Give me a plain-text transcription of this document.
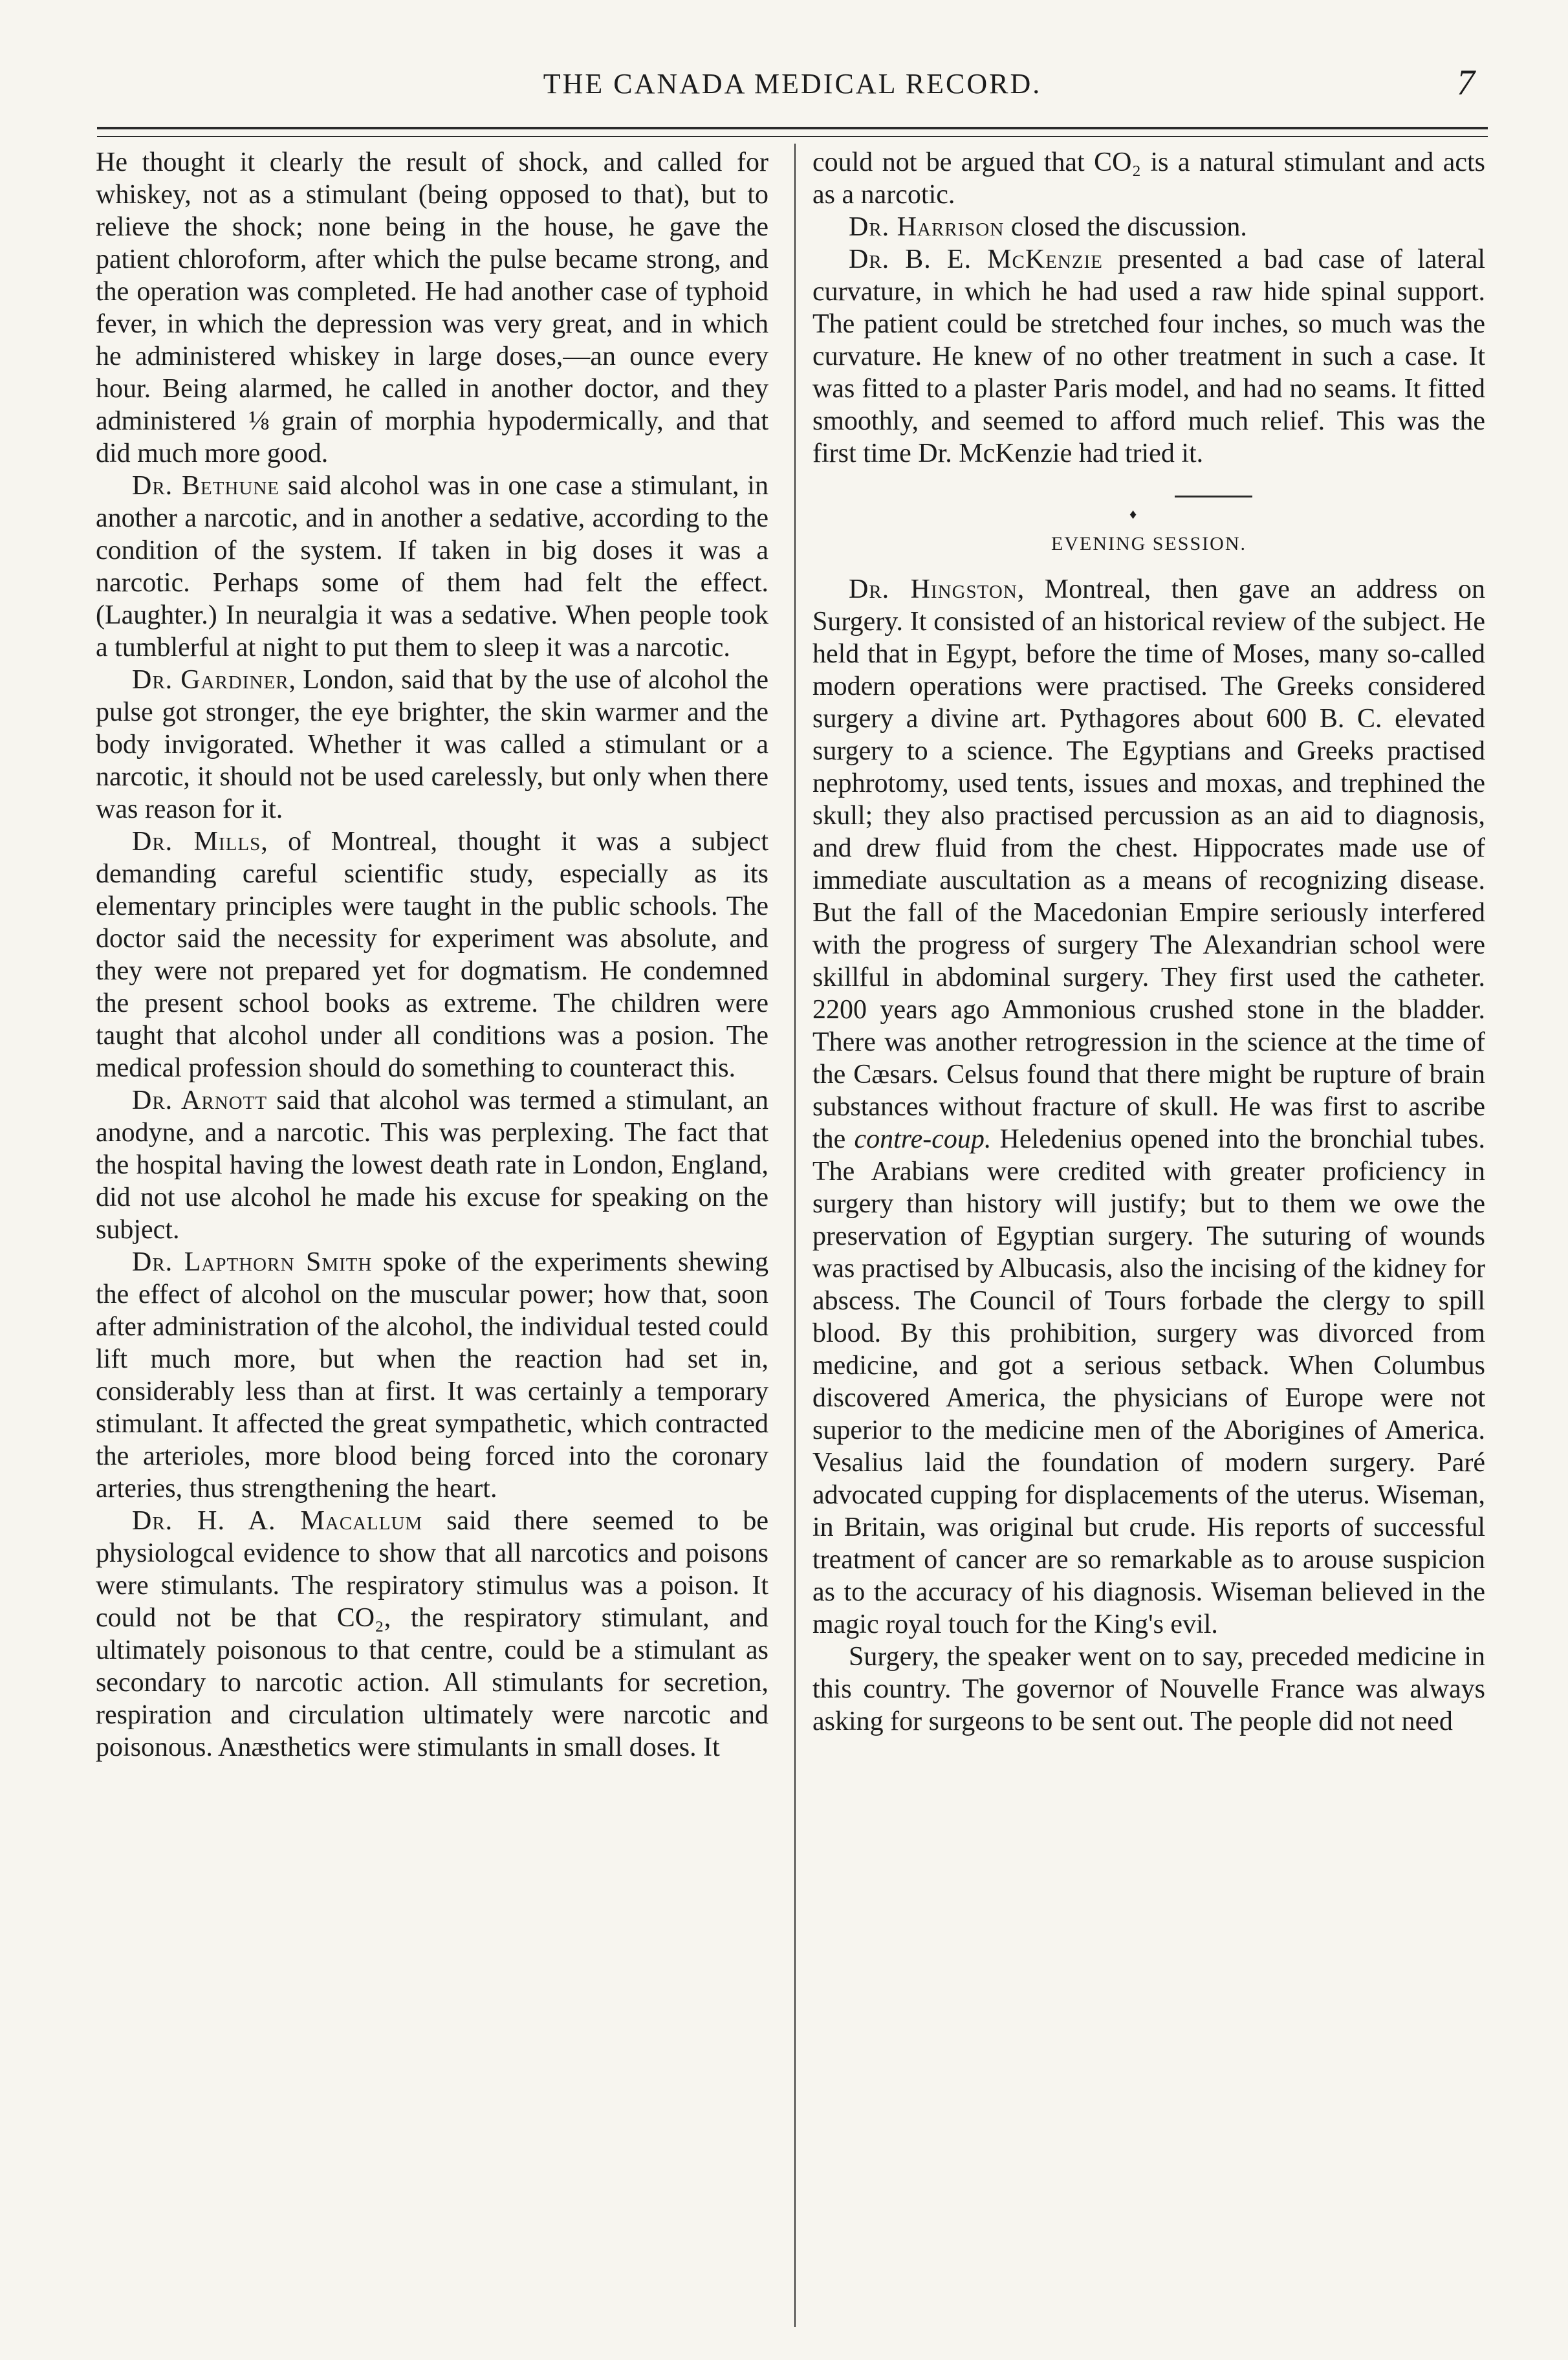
THE CANADA MEDICAL RECORD.	7

He thought it clearly the result of shock, and called for whiskey, not as a stimulant (being opposed to that), but to relieve the shock; none being in the house, he gave the patient chloroform, after which the pulse became strong, and the operation was completed. He had another case of typhoid fever, in which the depression was very great, and in which he administered whiskey in large doses,—an ounce every hour. Being alarmed, he called in another doctor, and they administered ⅛ grain of morphia hypodermically, and that did much more good.

Dr. Bethune said alcohol was in one case a stimulant, in another a narcotic, and in another a sedative, according to the condition of the system. If taken in big doses it was a narcotic. Perhaps some of them had felt the effect. (Laughter.) In neuralgia it was a sedative. When people took a tumblerful at night to put them to sleep it was a narcotic.

Dr. Gardiner, London, said that by the use of alcohol the pulse got stronger, the eye brighter, the skin warmer and the body invigorated. Whether it was called a stimulant or a narcotic, it should not be used carelessly, but only when there was reason for it.

Dr. Mills, of Montreal, thought it was a subject demanding careful scientific study, especially as its elementary principles were taught in the public schools. The doctor said the necessity for experiment was absolute, and they were not prepared yet for dogmatism. He condemned the present school books as extreme. The children were taught that alcohol under all conditions was a posion. The medical profession should do something to counteract this.

Dr. Arnott said that alcohol was termed a stimulant, an anodyne, and a narcotic. This was perplexing. The fact that the hospital having the lowest death rate in London, England, did not use alcohol he made his excuse for speaking on the subject.

Dr. Lapthorn Smith spoke of the experiments shewing the effect of alcohol on the muscular power; how that, soon after administration of the alcohol, the individual tested could lift much more, but when the reaction had set in, considerably less than at first. It was certainly a temporary stimulant. It affected the great sympathetic, which contracted the arterioles, more blood being forced into the coronary arteries, thus strengthening the heart.

Dr. H. A. Macallum said there seemed to be physiologcal evidence to show that all narcotics and poisons were stimulants. The respiratory stimulus was a poison. It could not be that CO₂, the respiratory stimulant, and ultimately poisonous to that centre, could be a stimulant as secondary to narcotic action. All stimulants for secretion, respiration and circulation ultimately were narcotic and poisonous. Anæsthetics were stimulants in small doses. It

could not be argued that CO₂ is a natural stimulant and acts as a narcotic.

Dr. Harrison closed the discussion.

Dr. B. E. McKenzie presented a bad case of lateral curvature, in which he had used a raw hide spinal support. The patient could be stretched four inches, so much was the curvature. He knew of no other treatment in such a case. It was fitted to a plaster Paris model, and had no seams. It fitted smoothly, and seemed to afford much relief. This was the first time Dr. McKenzie had tried it.

♦
EVENING SESSION.

Dr. Hingston, Montreal, then gave an address on Surgery. It consisted of an historical review of the subject. He held that in Egypt, before the time of Moses, many so-called modern operations were practised. The Greeks considered surgery a divine art. Pythagores about 600 B. C. elevated surgery to a science. The Egyptians and Greeks practised nephrotomy, used tents, issues and moxas, and trephined the skull; they also practised percussion as an aid to diagnosis, and drew fluid from the chest. Hippocrates made use of immediate auscultation as a means of recognizing disease. But the fall of the Macedonian Empire seriously interfered with the progress of surgery The Alexandrian school were skillful in abdominal surgery. They first used the catheter. 2200 years ago Ammonious crushed stone in the bladder. There was another retrogression in the science at the time of the Cæsars. Celsus found that there might be rupture of brain substances without fracture of skull. He was first to ascribe the contre-coup. Heledenius opened into the bronchial tubes. The Arabians were credited with greater proficiency in surgery than history will justify; but to them we owe the preservation of Egyptian surgery. The suturing of wounds was practised by Albucasis, also the incising of the kidney for abscess. The Council of Tours forbade the clergy to spill blood. By this prohibition, surgery was divorced from medicine, and got a serious setback. When Columbus discovered America, the physicians of Europe were not superior to the medicine men of the Aborigines of America. Vesalius laid the foundation of modern surgery. Paré advocated cupping for displacements of the uterus. Wiseman, in Britain, was original but crude. His reports of successful treatment of cancer are so remarkable as to arouse suspicion as to the accuracy of his diagnosis. Wiseman believed in the magic royal touch for the King's evil.

Surgery, the speaker went on to say, preceded medicine in this country. The governor of Nouvelle France was always asking for surgeons to be sent out. The people did not need
